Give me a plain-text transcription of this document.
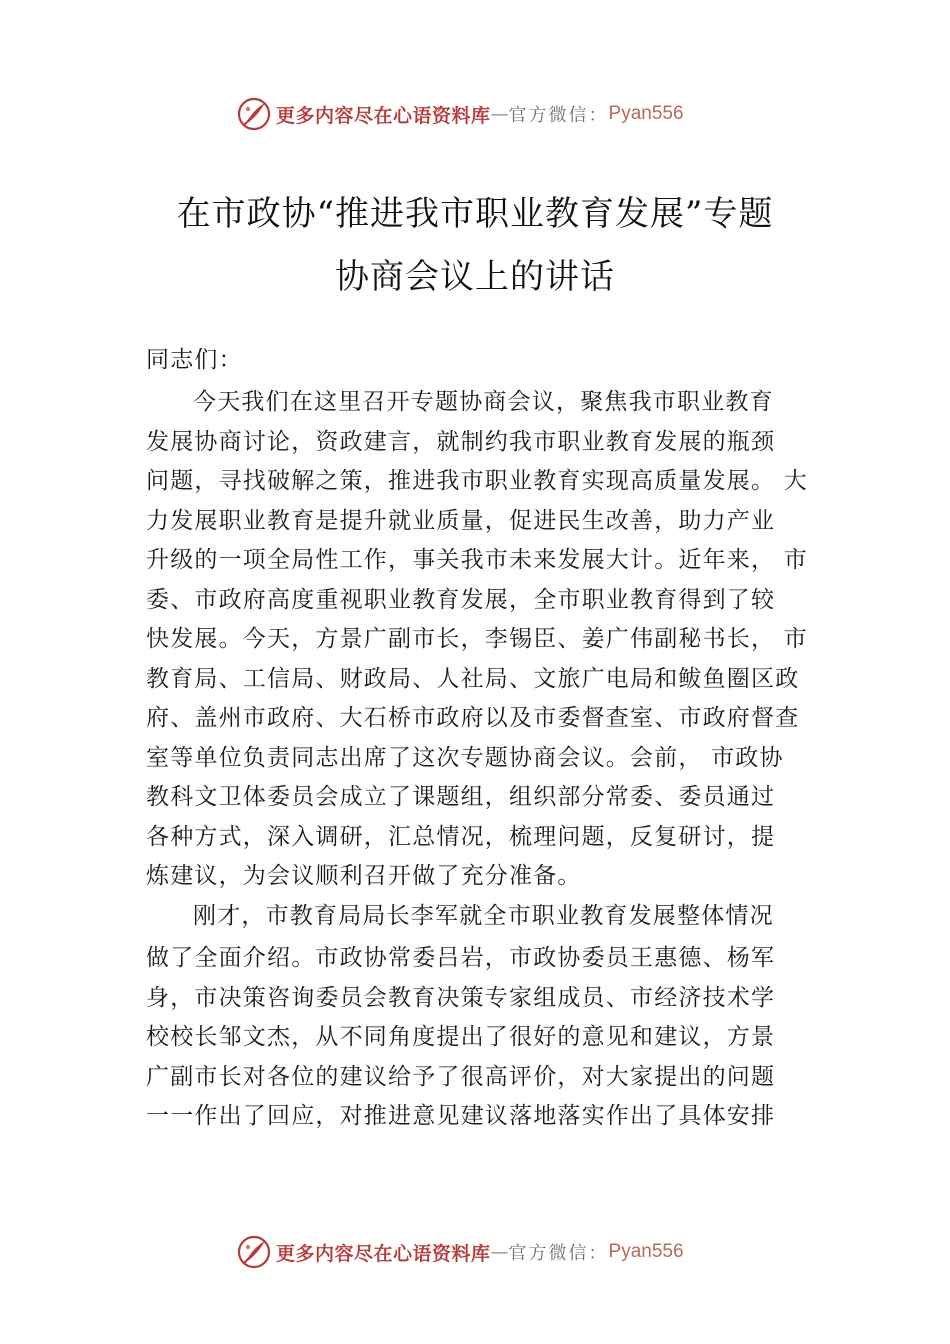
更多内容尽在心语资料库 — 官方微信： Pyan556
在市政协“推进我市职业教育发展”专题
协商会议上的讲话
同志们：
今天我们在这里召开专题协商会议，聚焦我市职业教育
发展协商讨论，资政建言，就制约我市职业教育发展的瓶颈
问题，寻找破解之策，推进我市职业教育实现高质量发展。 大
力发展职业教育是提升就业质量，促进民生改善，助力产业
升级的一项全局性工作，事关我市未来发展大计。近年来， 市
委、市政府高度重视职业教育发展，全市职业教育得到了较
快发展。今天，方景广副市长，李锡臣、姜广伟副秘书长， 市
教育局、工信局、财政局、人社局、文旅广电局和鲅鱼圈区政
府、盖州市政府、大石桥市政府以及市委督查室、市政府督查
室等单位负责同志出席了这次专题协商会议。会前， 市政协
教科文卫体委员会成立了课题组，组织部分常委、委员通过
各种方式，深入调研，汇总情况，梳理问题，反复研讨，提
炼建议，为会议顺利召开做了充分准备。
刚才，市教育局局长李军就全市职业教育发展整体情况
做了全面介绍。市政协常委吕岩，市政协委员王惠德、杨军
身，市决策咨询委员会教育决策专家组成员、市经济技术学
校校长邹文杰，从不同角度提出了很好的意见和建议，方景
广副市长对各位的建议给予了很高评价，对大家提出的问题
一一作出了回应，对推进意见建议落地落实作出了具体安排
更多内容尽在心语资料库 — 官方微信： Pyan556
